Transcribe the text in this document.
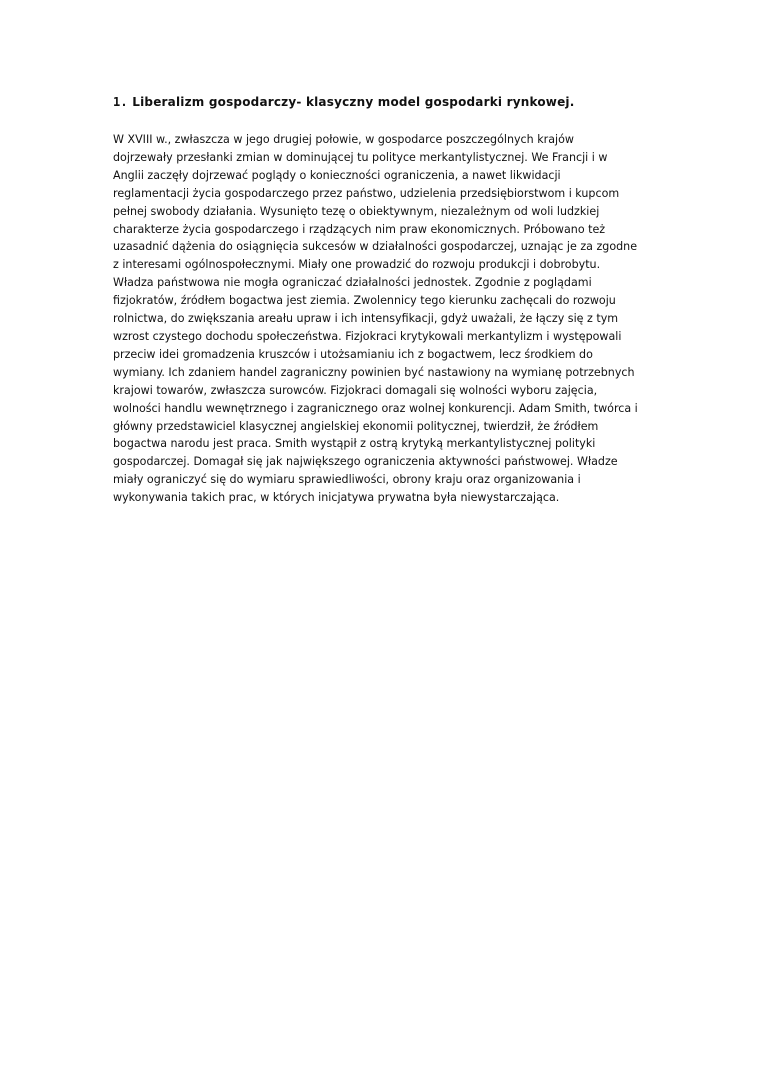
1. Liberalizm gospodarczy- klasyczny model gospodarki rynkowej.

W XVIII w., zwłaszcza w jego drugiej połowie, w gospodarce poszczególnych krajów
dojrzewały przesłanki zmian w dominującej tu polityce merkantylistycznej. We Francji i w
Anglii zaczęły dojrzewać poglądy o konieczności ograniczenia, a nawet likwidacji
reglamentacji życia gospodarczego przez państwo, udzielenia przedsiębiorstwom i kupcom
pełnej swobody działania. Wysunięto tezę o obiektywnym, niezależnym od woli ludzkiej
charakterze życia gospodarczego i rządzących nim praw ekonomicznych. Próbowano też
uzasadnić dążenia do osiągnięcia sukcesów w działalności gospodarczej, uznając je za zgodne
z interesami ogólnospołecznymi. Miały one prowadzić do rozwoju produkcji i dobrobytu.
Władza państwowa nie mogła ograniczać działalności jednostek. Zgodnie z poglądami
fizjokratów, źródłem bogactwa jest ziemia. Zwolennicy tego kierunku zachęcali do rozwoju
rolnictwa, do zwiększania areału upraw i ich intensyfikacji, gdyż uważali, że łączy się z tym
wzrost czystego dochodu społeczeństwa. Fizjokraci krytykowali merkantylizm i występowali
przeciw idei gromadzenia kruszców i utożsamianiu ich z bogactwem, lecz środkiem do
wymiany. Ich zdaniem handel zagraniczny powinien być nastawiony na wymianę potrzebnych
krajowi towarów, zwłaszcza surowców. Fizjokraci domagali się wolności wyboru zajęcia,
wolności handlu wewnętrznego i zagranicznego oraz wolnej konkurencji. Adam Smith, twórca i
główny przedstawiciel klasycznej angielskiej ekonomii politycznej, twierdził, że źródłem
bogactwa narodu jest praca. Smith wystąpił z ostrą krytyką merkantylistycznej polityki
gospodarczej. Domagał się jak największego ograniczenia aktywności państwowej. Władze
miały ograniczyć się do wymiaru sprawiedliwości, obrony kraju oraz organizowania i
wykonywania takich prac, w których inicjatywa prywatna była niewystarczająca.
